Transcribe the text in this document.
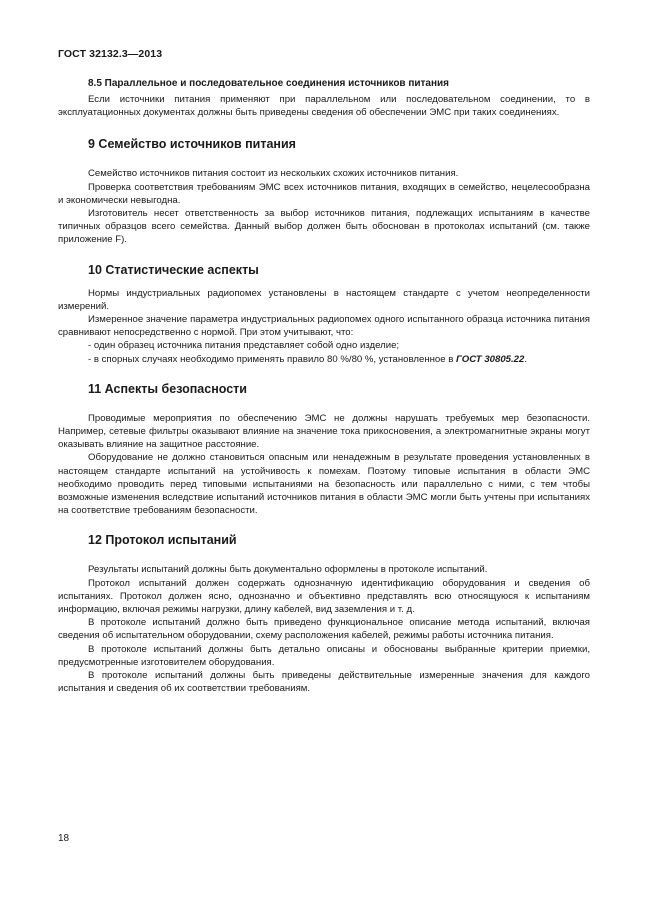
ГОСТ 32132.3—2013
8.5 Параллельное и последовательное соединения источников питания

Если источники питания применяют при параллельном или последовательном соединении, то в эксплуатационных документах должны быть приведены сведения об обеспечении ЭМС при таких соединениях.

9 Семейство источников питания

Семейство источников питания состоит из нескольких схожих источников питания.

Проверка соответствия требованиям ЭМС всех источников питания, входящих в семейство, нецелесообразна и экономически невыгодна.

Изготовитель несет ответственность за выбор источников питания, подлежащих испытаниям в качестве типичных образцов всего семейства. Данный выбор должен быть обоснован в протоколах испытаний (см. также приложение F).

10 Статистические аспекты

Нормы индустриальных радиопомех установлены в настоящем стандарте с учетом неопределенности измерений.

Измеренное значение параметра индустриальных радиопомех одного испытанного образца источника питания сравнивают непосредственно с нормой. При этом учитывают, что:

- один образец источника питания представляет собой одно изделие;

- в спорных случаях необходимо применять правило 80 %/80 %, установленное в ГОСТ 30805.22.

11 Аспекты безопасности

Проводимые мероприятия по обеспечению ЭМС не должны нарушать требуемых мер безопасности. Например, сетевые фильтры оказывают влияние на значение тока прикосновения, а электромагнитные экраны могут оказывать влияние на защитное расстояние.

Оборудование не должно становиться опасным или ненадежным в результате проведения установленных в настоящем стандарте испытаний на устойчивость к помехам. Поэтому типовые испытания в области ЭМС необходимо проводить перед типовыми испытаниями на безопасность или параллельно с ними, с тем чтобы возможные изменения вследствие испытаний источников питания в области ЭМС могли быть учтены при испытаниях на соответствие требованиям безопасности.

12 Протокол испытаний

Результаты испытаний должны быть документально оформлены в протоколе испытаний.

Протокол испытаний должен содержать однозначную идентификацию оборудования и сведения об испытаниях. Протокол должен ясно, однозначно и объективно представлять всю относящуюся к испытаниям информацию, включая режимы нагрузки, длину кабелей, вид заземления и т. д.

В протоколе испытаний должно быть приведено функциональное описание метода испытаний, включая сведения об испытательном оборудовании, схему расположения кабелей, режимы работы источника питания.

В протоколе испытаний должны быть детально описаны и обоснованы выбранные критерии приемки, предусмотренные изготовителем оборудования.

В протоколе испытаний должны быть приведены действительные измеренные значения для каждого испытания и сведения об их соответствии требованиям.

18
